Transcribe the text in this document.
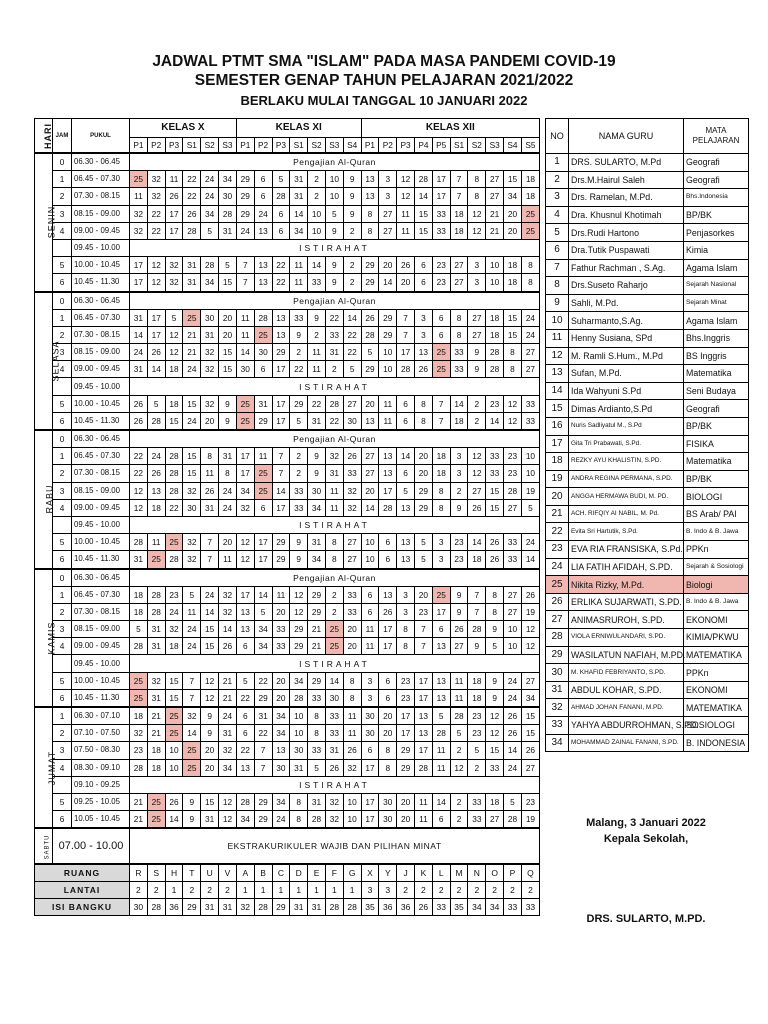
JADWAL PTMT SMA "ISLAM" PADA MASA PANDEMI COVID-19
SEMESTER GENAP TAHUN PELAJARAN 2021/2022
BERLAKU MULAI TANGGAL 10 JANUARI 2022
HARI	JAM	PUKUL	KELAS X						KELAS XI							KELAS XII									
			P1	P2	P3	S1	S2	S3	P1	P2	P3	S1	S2	S3	S4	P1	P2	P3	P4	P5	S1	S2	S3	S4	S5
SENIN	0	06.30 - 06.45	Pengajian Al-Quran																						
	1	06.45 - 07.30	25	32	11	22	24	34	29	6	5	31	2	10	9	13	3	12	28	17	7	8	27	15	18
	2	07.30 - 08.15	11	32	26	22	24	30	29	6	28	31	2	10	9	13	3	12	14	17	7	8	27	34	18
	3	08.15 - 09.00	32	22	17	26	34	28	29	24	6	14	10	5	9	8	27	11	15	33	18	12	21	20	25
	4	09.00 - 09.45	32	22	17	28	5	31	24	13	6	34	10	9	2	8	27	11	15	33	18	12	21	20	25
		09.45 - 10.00	ISTIRAHAT																						
	5	10.00 - 10.45	17	12	32	31	28	5	7	13	22	11	14	9	2	29	20	26	6	23	27	3	10	18	8
	6	10.45 - 11.30	17	12	32	31	34	15	7	13	22	11	33	9	2	29	14	20	6	23	27	3	10	18	8
SELASA	0	06.30 - 06.45	Pengajian Al-Quran																						
	1	06.45 - 07.30	31	17	5	25	30	20	11	28	13	33	9	22	14	26	29	7	3	6	8	27	18	15	24
	2	07.30 - 08.15	14	17	12	21	31	20	11	25	13	9	2	33	22	28	29	7	3	6	8	27	18	15	24
	3	08.15 - 09.00	24	26	12	21	32	15	14	30	29	2	11	31	22	5	10	17	13	25	33	9	28	8	27
	4	09.00 - 09.45	31	14	18	24	32	15	30	6	17	22	11	2	5	29	10	28	26	25	33	9	28	8	27
		09.45 - 10.00	ISTIRAHAT																						
	5	10.00 - 10.45	26	5	18	15	32	9	25	31	17	29	22	28	27	20	11	6	8	7	14	2	23	12	33
	6	10.45 - 11.30	26	28	15	24	20	9	25	29	17	5	31	22	30	13	11	6	8	7	18	2	14	12	33
RABU	0	06.30 - 06.45	Pengajian Al-Quran																						
	1	06.45 - 07.30	22	24	28	15	8	31	17	11	7	2	9	32	26	27	13	14	20	18	3	12	33	23	10
	2	07.30 - 08.15	22	26	28	15	11	8	17	25	7	2	9	31	33	27	13	6	20	18	3	12	33	23	10
	3	08.15 - 09.00	12	13	28	32	26	24	34	25	14	33	30	11	32	20	17	5	29	8	2	27	15	28	19
	4	09.00 - 09.45	12	18	22	30	31	24	32	6	17	33	34	11	32	14	28	13	29	8	9	26	15	27	5
		09.45 - 10.00	ISTIRAHAT																						
	5	10.00 - 10.45	28	11	25	32	7	20	12	17	29	9	31	8	27	10	6	13	5	3	23	14	26	33	24
	6	10.45 - 11.30	31	25	28	32	7	11	12	17	29	9	34	8	27	10	6	13	5	3	23	18	26	33	14
KAMIS	0	06.30 - 06.45	Pengajian Al-Quran																						
	1	06.45 - 07.30	18	28	23	5	24	32	17	14	11	12	29	2	33	6	13	3	20	25	9	7	8	27	26
	2	07.30 - 08.15	18	28	24	11	14	32	13	5	20	12	29	2	33	6	26	3	23	17	9	7	8	27	19
	3	08.15 - 09.00	5	31	32	24	15	14	13	34	33	29	21	25	20	11	17	8	7	6	26	28	9	10	12
	4	09.00 - 09.45	28	31	18	24	15	26	6	34	33	29	21	25	20	11	17	8	7	13	27	9	5	10	12
		09.45 - 10.00	ISTIRAHAT																						
	5	10.00 - 10.45	25	32	15	7	12	21	5	22	20	34	29	14	8	3	6	23	17	13	11	18	9	24	27
	6	10.45 - 11.30	25	31	15	7	12	21	22	29	20	28	33	30	8	3	6	23	17	13	11	18	9	24	34
JUMAT	1	06.30 - 07.10	18	21	25	32	9	24	6	31	34	10	8	33	11	30	20	17	13	5	28	23	12	26	15
	2	07.10 - 07.50	32	21	25	14	9	31	6	22	34	10	8	33	11	30	20	17	13	28	5	23	12	26	15
	3	07.50 - 08.30	23	18	10	25	20	32	22	7	13	30	33	31	26	6	8	29	17	11	2	5	15	14	26
	4	08.30 - 09.10	28	18	10	25	20	34	13	7	30	31	5	26	32	17	8	29	28	11	12	2	33	24	27
		09.10 - 09.25	ISTIRAHAT																						
	5	09.25 - 10.05	21	25	26	9	15	12	28	29	34	8	31	32	10	17	30	20	11	14	2	33	18	5	23
	6	10.05 - 10.45	21	25	14	9	31	12	34	29	24	8	28	32	10	17	30	20	11	6	2	33	27	28	19
SABTU	07.00 - 10.00		EKSTRAKURIKULER WAJIB DAN PILIHAN MINAT																						
RUANG			R	S	H	T	U	V	A	B	C	D	E	F	G	X	Y	J	K	L	M	N	O	P	Q
LANTAI			2	2	1	2	2	2	1	1	1	1	1	1	1	3	3	2	2	2	2	2	2	2	2
ISI BANGKU			30	28	36	29	31	31	32	28	29	31	31	28	28	35	36	36	26	33	35	34	34	33	33
NO	NAMA GURU	MATA PELAJARAN
1	DRS. SULARTO, M.Pd	Geografi
2	Drs.M.Hairul Saleh	Geografi
3	Drs. Ramelan, M.Pd.	Bhs.Indonesia
4	Dra. Khusnul Khotimah	BP/BK
5	Drs.Rudi Hartono	Penjasorkes
6	Dra.Tutik Puspawati	Kimia
7	Fathur Rachman , S.Ag.	Agama Islam
8	Drs.Suseto Raharjo	Sejarah Nasional
9	Sahli, M.Pd.	Sejarah Minat
10	Suharmanto,S.Ag.	Agama Islam
11	Henny Susiana, SPd	Bhs.Inggris
12	M. Ramli S.Hum., M.Pd	BS Inggris
13	Sufan, M.Pd.	Matematika
14	Ida Wahyuni S.Pd	Seni Budaya
15	Dimas Ardianto,S.Pd	Geografi
16	Nuris Sadliyatul M., S.Pd	BP/BK
17	Gita Tri Prabawati, S.Pd.	FISIKA
18	REZKY AYU KHALISTIN, S.PD.	Matematika
19	ANDRA REGINA PERMANA, S.PD.	BP/BK
20	ANGGA HERMAWA BUDI, M. PD.	BIOLOGI
21	ACH. RIFQIY AI NABIL, M. Pd.	BS Arab/ PAI
22	Evita Sri Hartutik, S.Pd.	B. Indo & B. Jawa
23	EVA RIA FRANSISKA, S.Pd.	PPKn
24	LIA FATIH AFIDAH, S.PD.	Sejarah & Sosiologi
25	Nikita Rizky, M.Pd.	Biologi
26	ERLIKA SUJARWATI, S.PD.	B. Indo & B. Jawa
27	ANIMASRUROH, S.PD.	EKONOMI
28	VIOLA ERNIWULANDARI, S.PD.	KIMIA/PKWU
29	WASILATUN NAFIAH, M.PD.	MATEMATIKA
30	M. KHAFID FEBRIYANTO, S.PD.	PPKn
31	ABDUL KOHAR, S.PD.	EKONOMI
32	AHMAD JOHAN FANANI, M.PD.	MATEMATIKA
33	YAHYA ABDURROHMAN, S.PD.	SOSIOLOGI
34	MOHAMMAD ZAINAL FANANI, S.PD.	B. INDONESIA
Malang, 3 Januari 2022
Kepala Sekolah,
DRS. SULARTO, M.PD.
